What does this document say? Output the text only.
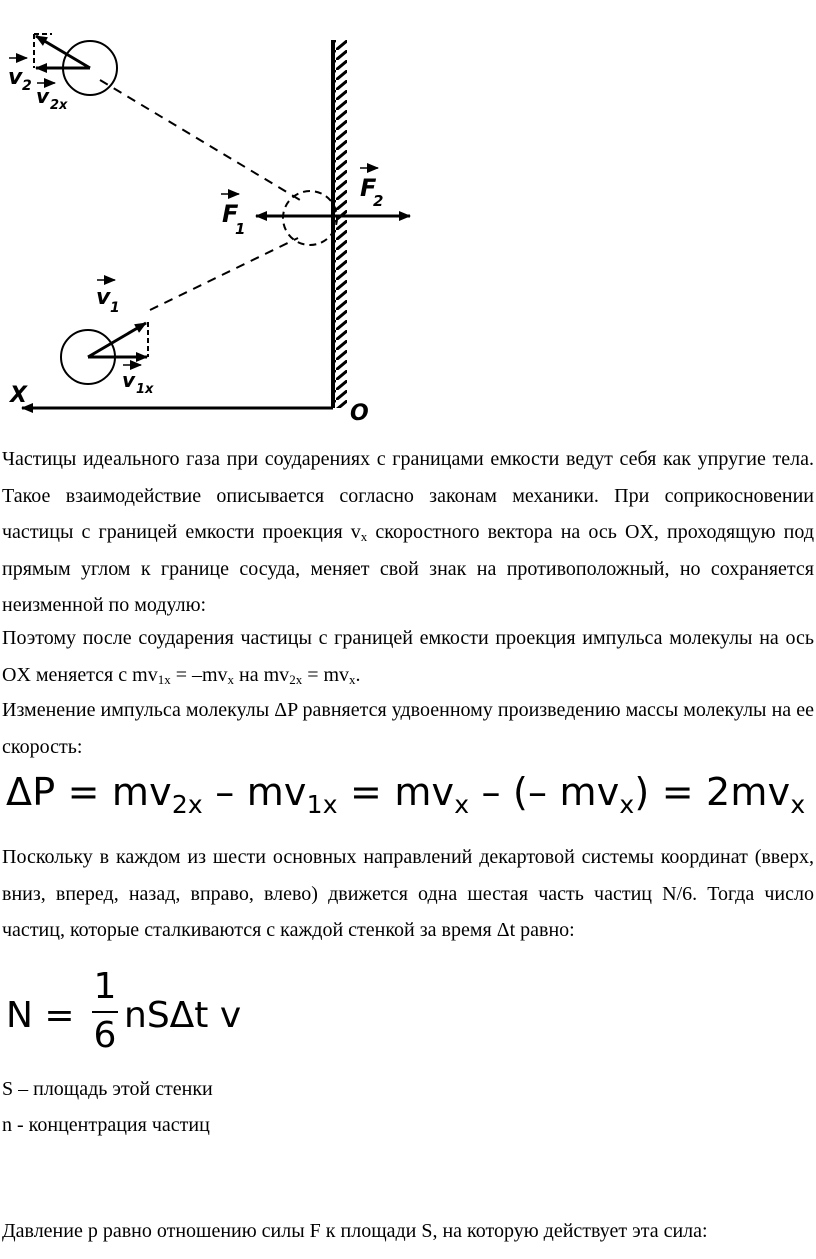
v 2 v 2x
F
1
F
2
v 1
v 1x
X
O

Частицы идеального газа при соударениях с границами емкости ведут себя как упругие тела. Такое взаимодействие описывается согласно законам механики. При соприкосновении частицы с границей емкости проекция $v_x$ скоростного вектора на ось OX, проходящую под прямым углом к границе сосуда, меняет свой знак на противоположный, но сохраняется неизменной по модулю:

Поэтому после соударения частицы с границей емкости проекция импульса молекулы на ось OX меняется с $mv_{1x} = -mv_x$ на $mv_{2x} = mv_x$.

Изменение импульса молекулы ΔP равняется удвоенному произведению массы молекулы на ее скорость:

$\Delta P = mv_{2x} - mv_{1x} = mv_x$ – (– $mv_x) = 2mv_x$

Поскольку в каждом из шести основных направлений декартовой системы координат (вверх, вниз, вперед, назад, вправо, влево) движется одна шестая часть частиц N/6. Тогда число частиц, которые сталкиваются с каждой стенкой за время Δt равно:

N =
1
6 nSΔt v

S – площадь этой стенки

n - концентрация частиц

Давление p равно отношению силы F к площади S, на которую действует эта сила:
